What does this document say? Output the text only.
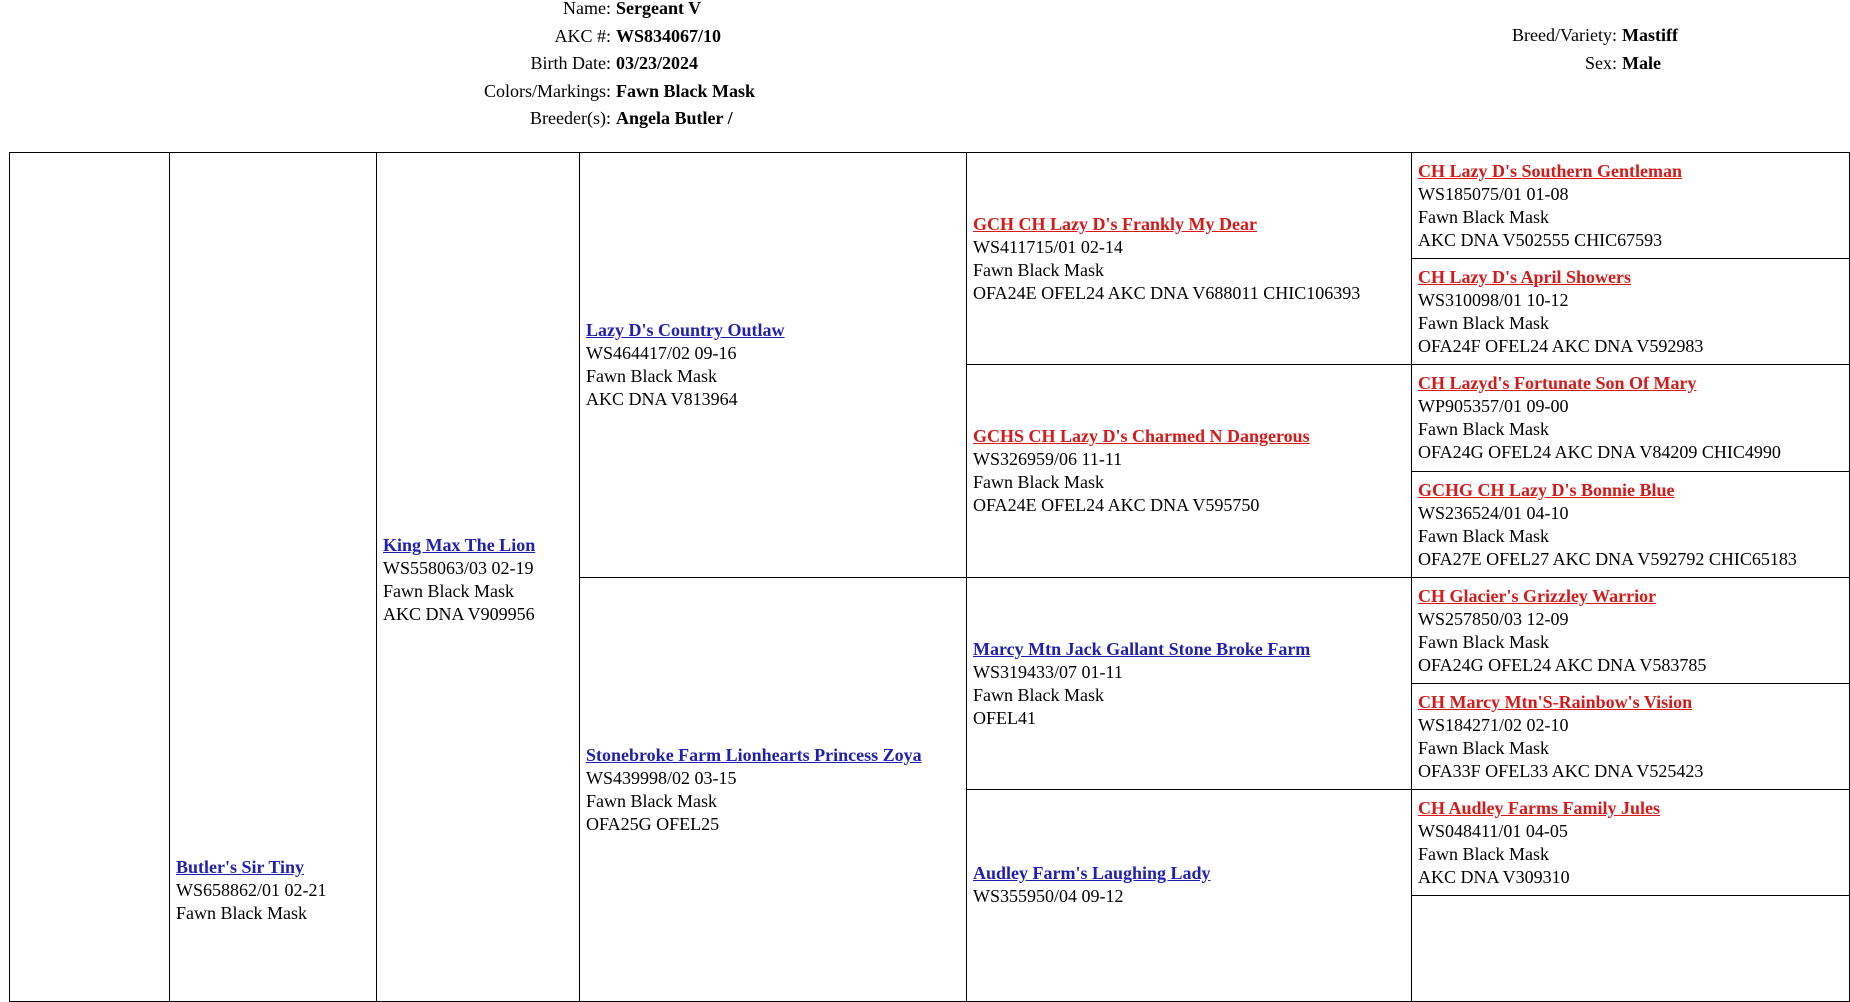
Name: Sergeant V
AKC #: WS834067/10
Birth Date: 03/23/2024
Colors/Markings: Fawn Black Mask
Breeder(s): Angela Butler /
Breed/Variety: Mastiff
Sex: Male

	Butler's Sir Tiny
WS658862/01 02-21
Fawn Black Mask	King Max The Lion
WS558063/03 02-19
Fawn Black Mask
AKC DNA V909956	Lazy D's Country Outlaw
WS464417/02 09-16
Fawn Black Mask
AKC DNA V813964	GCH CH Lazy D's Frankly My Dear
WS411715/01 02-14
Fawn Black Mask
OFA24E OFEL24 AKC DNA V688011 CHIC106393	CH Lazy D's Southern Gentleman
WS185075/01 01-08
Fawn Black Mask
AKC DNA V502555 CHIC67593

					CH Lazy D's April Showers
WS310098/01 10-12
Fawn Black Mask
OFA24F OFEL24 AKC DNA V592983

				GCHS CH Lazy D's Charmed N Dangerous
WS326959/06 11-11
Fawn Black Mask
OFA24E OFEL24 AKC DNA V595750	CH Lazyd's Fortunate Son Of Mary
WP905357/01 09-00
Fawn Black Mask
OFA24G OFEL24 AKC DNA V84209 CHIC4990

					GCHG CH Lazy D's Bonnie Blue
WS236524/01 04-10
Fawn Black Mask
OFA27E OFEL27 AKC DNA V592792 CHIC65183

			Stonebroke Farm Lionhearts Princess Zoya
WS439998/02 03-15
Fawn Black Mask
OFA25G OFEL25	Marcy Mtn Jack Gallant Stone Broke Farm
WS319433/07 01-11
Fawn Black Mask
OFEL41	CH Glacier's Grizzley Warrior
WS257850/03 12-09
Fawn Black Mask
OFA24G OFEL24 AKC DNA V583785

					CH Marcy Mtn'S-Rainbow's Vision
WS184271/02 02-10
Fawn Black Mask
OFA33F OFEL33 AKC DNA V525423

				Audley Farm's Laughing Lady
WS355950/04 09-12	CH Audley Farms Family Jules
WS048411/01 04-05
Fawn Black Mask
AKC DNA V309310
